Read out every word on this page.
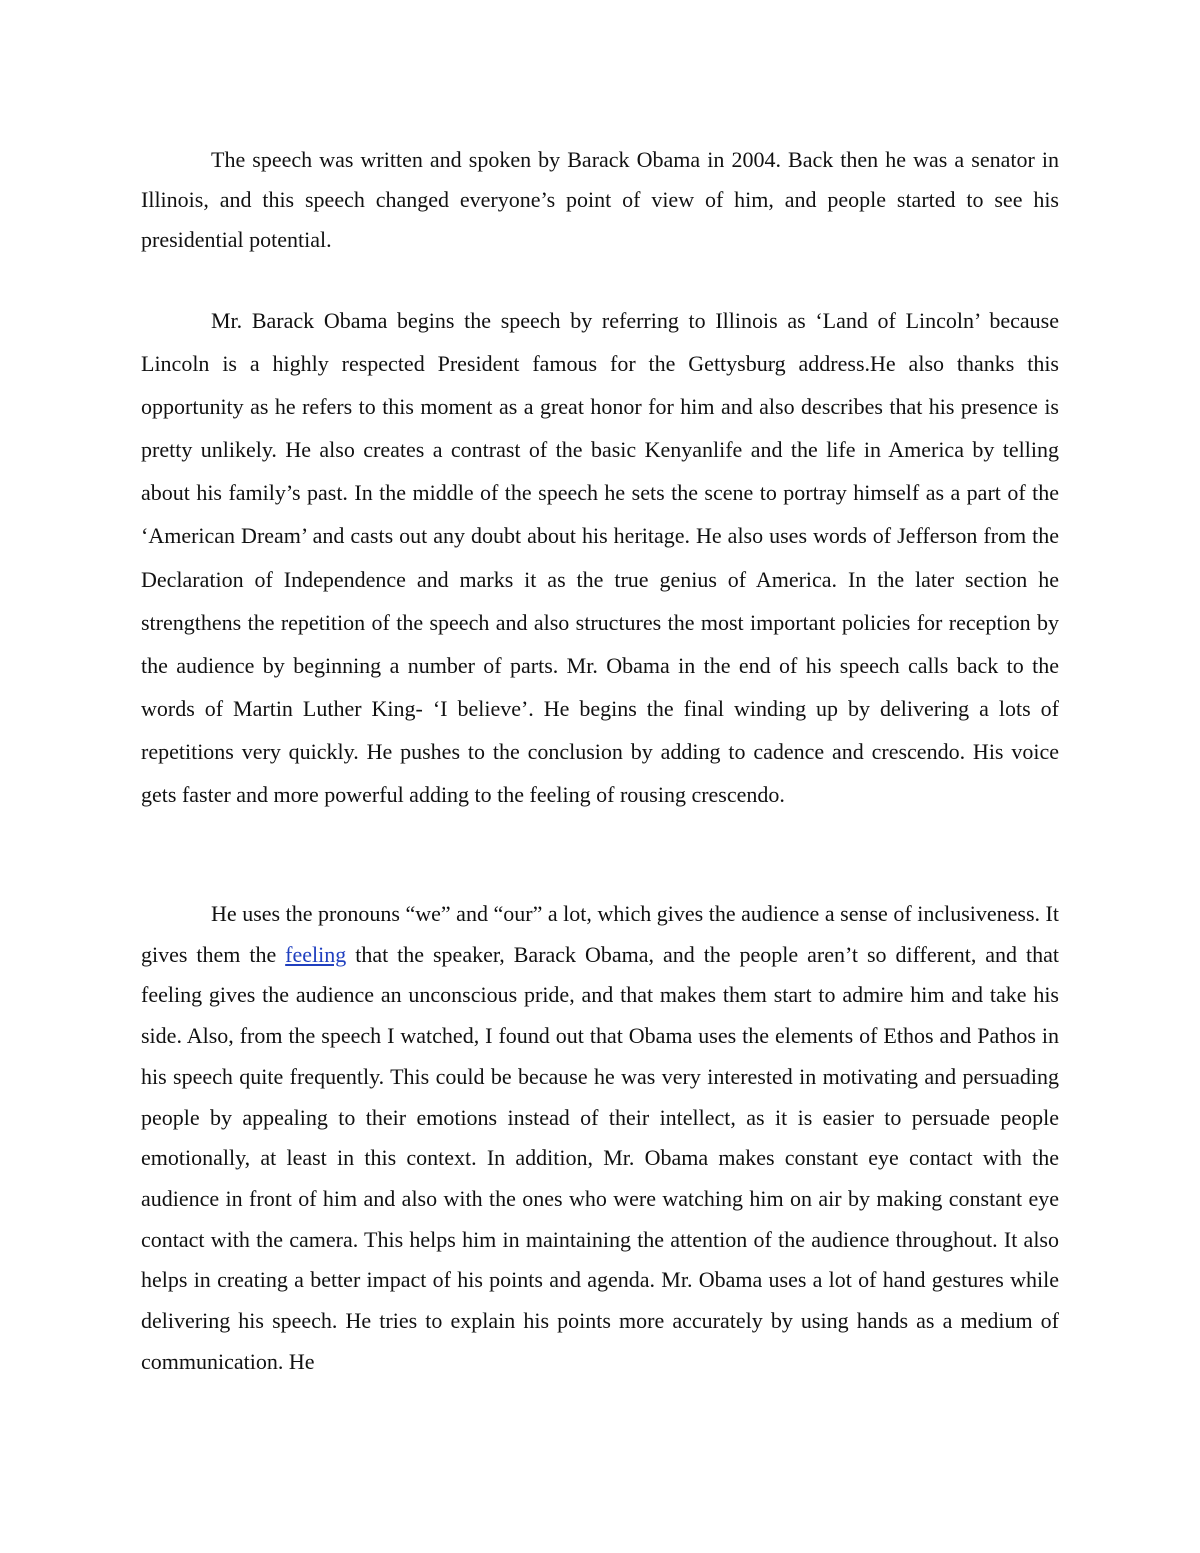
The speech was written and spoken by Barack Obama in 2004. Back then he was a senator in Illinois, and this speech changed everyone’s point of view of him, and people started to see his presidential potential.

Mr. Barack Obama begins the speech by referring to Illinois as ‘Land of Lincoln’ because Lincoln is a highly respected President famous for the Gettysburg address.He also thanks this opportunity as he refers to this moment as a great honor for him and also describes that his presence is pretty unlikely. He also creates a contrast of the basic Kenyanlife and the life in America by telling about his family’s past. In the middle of the speech he sets the scene to portray himself as a part of the ‘American Dream’ and casts out any doubt about his heritage. He also uses words of Jefferson from the Declaration of Independence and marks it as the true genius of America. In the later section he strengthens the repetition of the speech and also structures the most important policies for reception by the audience by beginning a number of parts. Mr. Obama in the end of his speech calls back to the words of Martin Luther King- ‘I believe’. He begins the final winding up by delivering a lots of repetitions very quickly. He pushes to the conclusion by adding to cadence and crescendo. His voice gets faster and more powerful adding to the feeling of rousing crescendo.

He uses the pronouns “we” and “our” a lot, which gives the audience a sense of inclusiveness. It gives them the feeling that the speaker, Barack Obama, and the people aren’t so different, and that feeling gives the audience an unconscious pride, and that makes them start to admire him and take his side. Also, from the speech I watched, I found out that Obama uses the elements of Ethos and Pathos in his speech quite frequently. This could be because he was very interested in motivating and persuading people by appealing to their emotions instead of their intellect, as it is easier to persuade people emotionally, at least in this context. In addition, Mr. Obama makes constant eye contact with the audience in front of him and also with the ones who were watching him on air by making constant eye contact with the camera. This helps him in maintaining the attention of the audience throughout. It also helps in creating a better impact of his points and agenda. Mr. Obama uses a lot of hand gestures while delivering his speech. He tries to explain his points more accurately by using hands as a medium of communication. He
